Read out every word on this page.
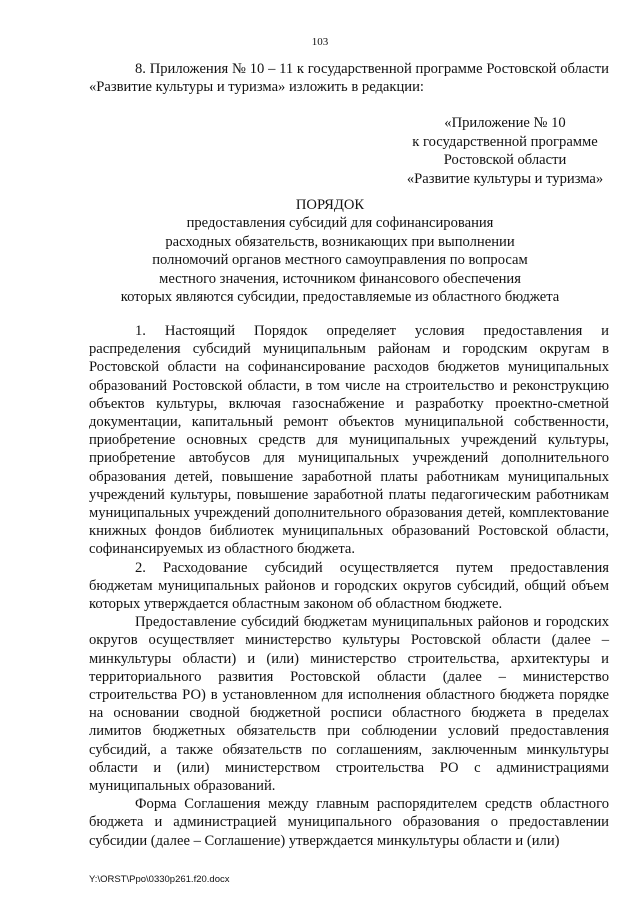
103

8. Приложения № 10 – 11 к государственной программе Ростовской области «Развитие культуры и туризма» изложить в редакции:

«Приложение № 10
к государственной программе
Ростовской области
«Развитие культуры и туризма»
ПОРЯДОК
предоставления субсидий для софинансирования
расходных обязательств, возникающих при выполнении
полномочий органов местного самоуправления по вопросам
местного значения, источником финансового обеспечения
которых являются субсидии, предоставляемые из областного бюджета

1. Настоящий Порядок определяет условия предоставления и распределения субсидий муниципальным районам и городским округам в Ростовской области на софинансирование расходов бюджетов муниципальных образований Ростовской области, в том числе на строительство и реконструкцию объектов культуры, включая газоснабжение и разработку проектно-сметной документации, капитальный ремонт объектов муниципальной собственности, приобретение основных средств для муниципальных учреждений культуры, приобретение автобусов для муниципальных учреждений дополнительного образования детей, повышение заработной платы работникам муниципальных учреждений культуры, повышение заработной платы педагогическим работникам муниципальных учреждений дополнительного образования детей, комплектование книжных фондов библиотек муниципальных образований Ростовской области, софинансируемых из областного бюджета.

2. Расходование субсидий осуществляется путем предоставления бюджетам муниципальных районов и городских округов субсидий, общий объем которых утверждается областным законом об областном бюджете.

Предоставление субсидий бюджетам муниципальных районов и городских округов осуществляет министерство культуры Ростовской области (далее – минкультуры области) и (или) министерство строительства, архитектуры и территориального развития Ростовской области (далее – министерство строительства РО) в установленном для исполнения областного бюджета порядке на основании сводной бюджетной росписи областного бюджета в пределах лимитов бюджетных обязательств при соблюдении условий предоставления субсидий, а также обязательств по соглашениям, заключенным минкультуры области и (или) министерством строительства РО с администрациями муниципальных образований.

Форма Соглашения между главным распорядителем средств областного бюджета и администрацией муниципального образования о предоставлении субсидии (далее – Соглашение) утверждается минкультуры области и (или)

Y:\ORST\Ppo\0330p261.f20.docx
